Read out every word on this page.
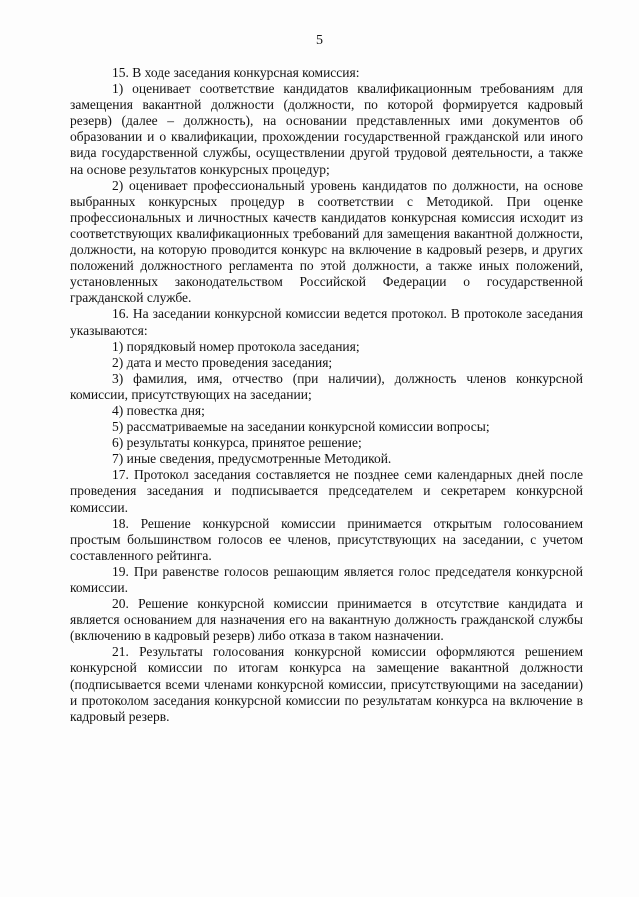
5

15. В ходе заседания конкурсная комиссия:

1) оценивает соответствие кандидатов квалификационным требованиям для замещения вакантной должности (должности, по которой формируется кадровый резерв) (далее – должность), на основании представленных ими документов об образовании и о квалификации, прохождении государственной гражданской или иного вида государственной службы, осуществлении другой трудовой деятельности, а также на основе результатов конкурсных процедур;

2) оценивает профессиональный уровень кандидатов по должности, на основе выбранных конкурсных процедур в соответствии с Методикой. При оценке профессиональных и личностных качеств кандидатов конкурсная комиссия исходит из соответствующих квалификационных требований для замещения вакантной должности, должности, на которую проводится конкурс на включение в кадровый резерв, и других положений должностного регламента по этой должности, а также иных положений, установленных законодательством Российской Федерации о государственной гражданской службе.

16. На заседании конкурсной комиссии ведется протокол. В протоколе заседания указываются:

1) порядковый номер протокола заседания;

2) дата и место проведения заседания;

3) фамилия, имя, отчество (при наличии), должность членов конкурсной комиссии, присутствующих на заседании;

4) повестка дня;

5) рассматриваемые на заседании конкурсной комиссии вопросы;

6) результаты конкурса, принятое решение;

7) иные сведения, предусмотренные Методикой.

17. Протокол заседания составляется не позднее семи календарных дней после проведения заседания и подписывается председателем и секретарем конкурсной комиссии.

18. Решение конкурсной комиссии принимается открытым голосованием простым большинством голосов ее членов, присутствующих на заседании, с учетом составленного рейтинга.

19. При равенстве голосов решающим является голос председателя конкурсной комиссии.

20. Решение конкурсной комиссии принимается в отсутствие кандидата и является основанием для назначения его на вакантную должность гражданской службы (включению в кадровый резерв) либо отказа в таком назначении.

21. Результаты голосования конкурсной комиссии оформляются решением конкурсной комиссии по итогам конкурса на замещение вакантной должности (подписывается всеми членами конкурсной комиссии, присутствующими на заседании) и протоколом заседания конкурсной комиссии по результатам конкурса на включение в кадровый резерв.
